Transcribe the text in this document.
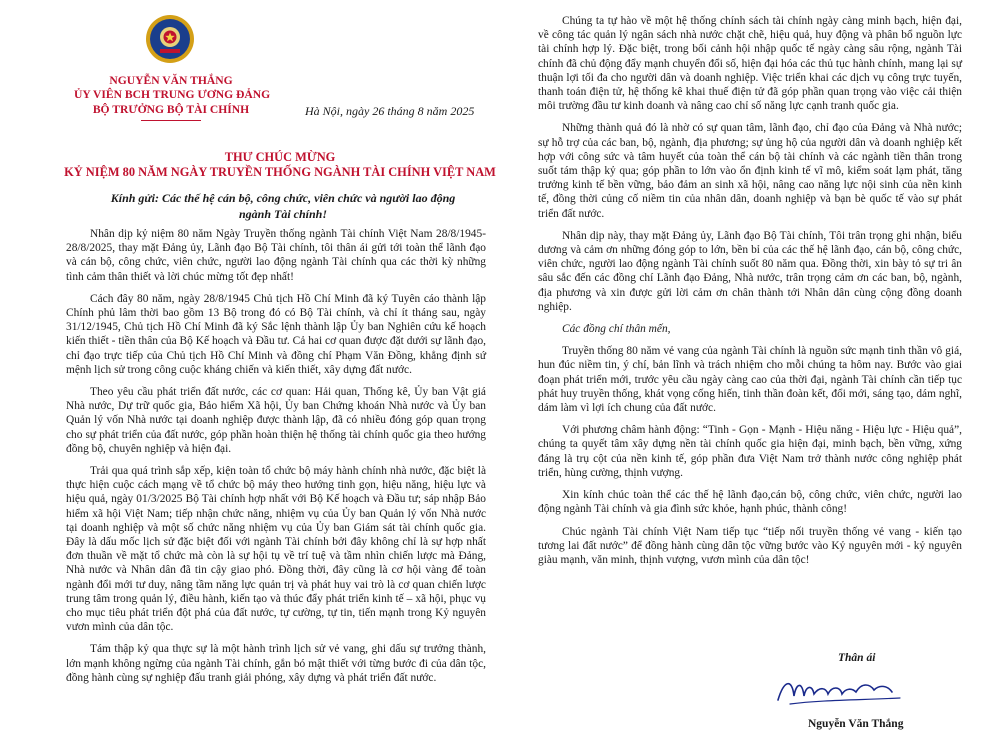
NGUYỄN VĂN THẮNG
ỦY VIÊN BCH TRUNG ƯƠNG ĐẢNG
BỘ TRƯỞNG BỘ TÀI CHÍNH	Hà Nội, ngày 26 tháng 8 năm 2025
THƯ CHÚC MỪNG
KỶ NIỆM 80 NĂM NGÀY TRUYỀN THỐNG NGÀNH TÀI CHÍNH VIỆT NAM
Kính gửi: Các thế hệ cán bộ, công chức, viên chức và người lao động
ngành Tài chính!

Nhân dịp kỷ niệm 80 năm Ngày Truyền thống ngành Tài chính Việt Nam 28/8/1945-28/8/2025, thay mặt Đảng ủy, Lãnh đạo Bộ Tài chính, tôi thân ái gửi tới toàn thể lãnh đạo và cán bộ, công chức, viên chức, người lao động ngành Tài chính qua các thời kỳ những tình cảm thân thiết và lời chúc mừng tốt đẹp nhất!

Cách đây 80 năm, ngày 28/8/1945 Chủ tịch Hồ Chí Minh đã ký Tuyên cáo thành lập Chính phủ lâm thời bao gồm 13 Bộ trong đó có Bộ Tài chính, và chỉ ít tháng sau, ngày 31/12/1945, Chủ tịch Hồ Chí Minh đã ký Sắc lệnh thành lập Ủy ban Nghiên cứu kế hoạch kiến thiết - tiền thân của Bộ Kế hoạch và Đầu tư. Cả hai cơ quan được đặt dưới sự lãnh đạo, chỉ đạo trực tiếp của Chủ tịch Hồ Chí Minh và đồng chí Phạm Văn Đồng, khẳng định sứ mệnh lịch sử trong công cuộc kháng chiến và kiến thiết, xây dựng đất nước.

Theo yêu cầu phát triển đất nước, các cơ quan: Hải quan, Thống kê, Ủy ban Vật giá Nhà nước, Dự trữ quốc gia, Bảo hiểm Xã hội, Ủy ban Chứng khoán Nhà nước và Ủy ban Quản lý vốn Nhà nước tại doanh nghiệp được thành lập, đã có nhiều đóng góp quan trọng cho sự phát triển của đất nước, góp phần hoàn thiện hệ thống tài chính quốc gia theo hướng đồng bộ, chuyên nghiệp và hiện đại.

Trải qua quá trình sắp xếp, kiện toàn tổ chức bộ máy hành chính nhà nước, đặc biệt là thực hiện cuộc cách mạng về tổ chức bộ máy theo hướng tinh gọn, hiệu năng, hiệu lực và hiệu quả, ngày 01/3/2025 Bộ Tài chính hợp nhất với Bộ Kế hoạch và Đầu tư; sáp nhập Bảo hiểm xã hội Việt Nam; tiếp nhận chức năng, nhiệm vụ của Ủy ban Quản lý vốn Nhà nước tại doanh nghiệp và một số chức năng nhiệm vụ của Ủy ban Giám sát tài chính quốc gia. Đây là dấu mốc lịch sử đặc biệt đối với ngành Tài chính bởi đây không chỉ là sự hợp nhất đơn thuần về mặt tổ chức mà còn là sự hội tụ về trí tuệ và tầm nhìn chiến lược mà Đảng, Nhà nước và Nhân dân đã tin cậy giao phó. Đồng thời, đây cũng là cơ hội vàng để toàn ngành đổi mới tư duy, nâng tầm năng lực quản trị và phát huy vai trò là cơ quan chiến lược trung tâm trong quản lý, điều hành, kiến tạo và thúc đẩy phát triển kinh tế – xã hội, phục vụ cho mục tiêu phát triển đột phá của đất nước, tự cường, tự tin, tiến mạnh trong Kỷ nguyên vươn mình của dân tộc.

Tám thập kỷ qua thực sự là một hành trình lịch sử vẻ vang, ghi dấu sự trưởng thành, lớn mạnh không ngừng của ngành Tài chính, gắn bó mật thiết với từng bước đi của dân tộc, đồng hành cùng sự nghiệp đấu tranh giải phóng, xây dựng và phát triển đất nước.

Chúng ta tự hào về một hệ thống chính sách tài chính ngày càng minh bạch, hiện đại, về công tác quản lý ngân sách nhà nước chặt chẽ, hiệu quả, huy động và phân bổ nguồn lực tài chính hợp lý. Đặc biệt, trong bối cảnh hội nhập quốc tế ngày càng sâu rộng, ngành Tài chính đã chủ động đẩy mạnh chuyển đổi số, hiện đại hóa các thủ tục hành chính, mang lại sự thuận lợi tối đa cho người dân và doanh nghiệp. Việc triển khai các dịch vụ công trực tuyến, thanh toán điện tử, hệ thống kê khai thuế điện tử đã góp phần quan trọng vào việc cải thiện môi trường đầu tư kinh doanh và nâng cao chỉ số năng lực cạnh tranh quốc gia.

Những thành quả đó là nhờ có sự quan tâm, lãnh đạo, chỉ đạo của Đảng và Nhà nước; sự hỗ trợ của các ban, bộ, ngành, địa phương; sự ủng hộ của người dân và doanh nghiệp kết hợp với công sức và tâm huyết của toàn thể cán bộ tài chính và các ngành tiền thân trong suốt tám thập kỷ qua; góp phần to lớn vào ổn định kinh tế vĩ mô, kiểm soát lạm phát, tăng trưởng kinh tế bền vững, bảo đảm an sinh xã hội, nâng cao năng lực nội sinh của nền kinh tế, đồng thời củng cố niềm tin của nhân dân, doanh nghiệp và bạn bè quốc tế vào sự phát triển đất nước.

Nhân dịp này, thay mặt Đảng ủy, Lãnh đạo Bộ Tài chính, Tôi trân trọng ghi nhận, biểu dương và cảm ơn những đóng góp to lớn, bền bỉ của các thế hệ lãnh đạo, cán bộ, công chức, viên chức, người lao động ngành Tài chính suốt 80 năm qua. Đồng thời, xin bày tỏ sự tri ân sâu sắc đến các đồng chí Lãnh đạo Đảng, Nhà nước, trân trọng cảm ơn các ban, bộ, ngành, địa phương và xin được gửi lời cảm ơn chân thành tới Nhân dân cùng cộng đồng doanh nghiệp.

Các đồng chí thân mến,

Truyền thống 80 năm vẻ vang của ngành Tài chính là nguồn sức mạnh tinh thần vô giá, hun đúc niềm tin, ý chí, bản lĩnh và trách nhiệm cho mỗi chúng ta hôm nay. Bước vào giai đoạn phát triển mới, trước yêu cầu ngày càng cao của thời đại, ngành Tài chính cần tiếp tục phát huy truyền thống, khát vọng cống hiến, tinh thần đoàn kết, đổi mới, sáng tạo, dám nghĩ, dám làm vì lợi ích chung của đất nước.

Với phương châm hành động: “Tinh - Gọn - Mạnh - Hiệu năng - Hiệu lực - Hiệu quả”, chúng ta quyết tâm xây dựng nền tài chính quốc gia hiện đại, minh bạch, bền vững, xứng đáng là trụ cột của nền kinh tế, góp phần đưa Việt Nam trở thành nước công nghiệp phát triển, hùng cường, thịnh vượng.

Xin kính chúc toàn thể các thế hệ lãnh đạo,cán bộ, công chức, viên chức, người lao động ngành Tài chính và gia đình sức khỏe, hạnh phúc, thành công!

Chúc ngành Tài chính Việt Nam tiếp tục “tiếp nối truyền thống vẻ vang - kiến tạo tương lai đất nước” để đồng hành cùng dân tộc vững bước vào Kỷ nguyên mới - kỷ nguyên giàu mạnh, văn minh, thịnh vượng, vươn mình của dân tộc!

Thân ái
Nguyễn Văn Thắng
